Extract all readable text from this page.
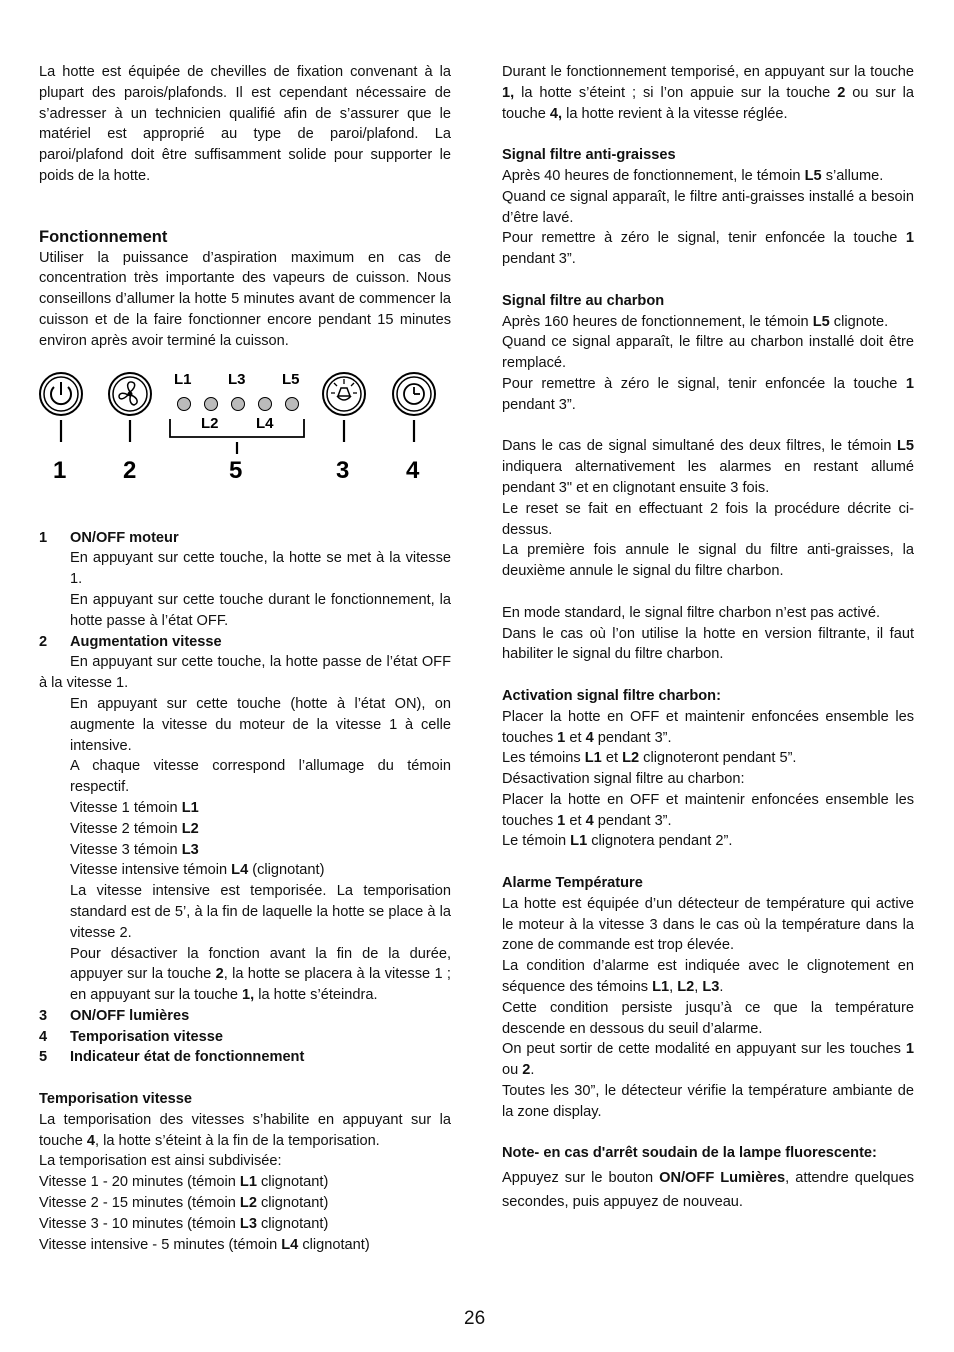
La hotte est équipée de chevilles de fixation convenant à la plupart des parois/plafonds. Il est cependant nécessaire de s’adresser à un technicien qualifié afin de s’assurer que le matériel est approprié au type de paroi/plafond. La paroi/plafond doit être suffisamment solide pour supporter le poids de la hotte.

Fonctionnement

Utiliser la puissance d’aspiration maximum en cas de concentration très importante des vapeurs de cuisson. Nous conseillons d’allumer la hotte 5 minutes avant de commencer la cuisson et de la faire fonctionner encore pendant 15 minutes environ après avoir terminé la cuisson.

L1 L3 L5
L2 L4
1 2	5	3 4
1	ON/OFF moteur

En appuyant sur cette touche, la hotte se met à la vitesse 1.

En appuyant sur cette touche durant le fonctionnement, la hotte passe à l’état OFF.

2	Augmentation vitesse

En appuyant sur cette touche, la hotte passe de l’état OFF à la vitesse 1.

En appuyant sur cette touche (hotte à l’état ON), on augmente la vitesse du moteur de la vitesse 1 à celle intensive.

A chaque vitesse correspond l’allumage du témoin respectif.

Vitesse 1 témoin L1
Vitesse 2 témoin L2
Vitesse 3 témoin L3
Vitesse intensive témoin L4 (clignotant)

La vitesse intensive est temporisée. La temporisation standard est de 5’, à la fin de laquelle la hotte se place à la vitesse 2.

Pour désactiver la fonction avant la fin de la durée, appuyer sur la touche 2, la hotte se placera à la vitesse 1 ; en appuyant sur la touche 1, la hotte s’éteindra.

3	ON/OFF lumières
4	Temporisation vitesse
5	Indicateur état de fonctionnement
Temporisation vitesse

La temporisation des vitesses s’habilite en appuyant sur la touche 4, la hotte s’éteint à la fin de la temporisation.

La temporisation est ainsi subdivisée:

Vitesse 1 - 20 minutes (témoin L1 clignotant)
Vitesse 2 - 15 minutes (témoin L2 clignotant)
Vitesse 3 - 10 minutes (témoin L3 clignotant)
Vitesse intensive - 5 minutes (témoin L4 clignotant)

Durant le fonctionnement temporisé, en appuyant sur la touche 1, la hotte s’éteint ; si l’on appuie sur la touche 2 ou sur la touche 4, la hotte revient à la vitesse réglée.

Signal filtre anti-graisses

Après 40 heures de fonctionnement, le témoin L5 s’allume.

Quand ce signal apparaît, le filtre anti-graisses installé a besoin d’être lavé.

Pour remettre à zéro le signal, tenir enfoncée la touche 1 pendant 3”.

Signal filtre au charbon

Après 160 heures de fonctionnement, le témoin L5 clignote.

Quand ce signal apparaît, le filtre au charbon installé doit être remplacé.

Pour remettre à zéro le signal, tenir enfoncée la touche 1 pendant 3”.

Dans le cas de signal simultané des deux filtres, le témoin L5 indiquera alternativement les alarmes en restant allumé pendant 3" et en clignotant ensuite 3 fois.

Le reset se fait en effectuant 2 fois la procédure décrite ci-dessus.

La première fois annule le signal du filtre anti-graisses, la deuxième annule le signal du filtre charbon.

En mode standard, le signal filtre charbon n’est pas activé.

Dans le cas où l’on utilise la hotte en version filtrante, il faut habiliter le signal du filtre charbon.

Activation signal filtre charbon:

Placer la hotte en OFF et maintenir enfoncées ensemble les touches 1 et 4 pendant 3”.

Les témoins L1 et L2 clignoteront pendant 5”.

Désactivation signal filtre au charbon:

Placer la hotte en OFF et maintenir enfoncées ensemble les touches 1 et 4 pendant 3”.

Le témoin L1 clignotera pendant 2”.

Alarme Température

La hotte est équipée d’un détecteur de température qui active le moteur à la vitesse 3 dans le cas où la température dans la zone de commande est trop élevée.

La condition d’alarme est indiquée avec le clignotement en séquence des témoins L1, L2, L3.

Cette condition persiste jusqu’à ce que la température descende en dessous du seuil d’alarme.

On peut sortir de cette modalité en appuyant sur les touches 1 ou 2.

Toutes les 30”, le détecteur vérifie la température ambiante de la zone display.

Note- en cas d'arrêt soudain de la lampe fluorescente:

Appuyez sur le bouton ON/OFF Lumières, attendre quelques secondes, puis appuyez de nouveau.

26
